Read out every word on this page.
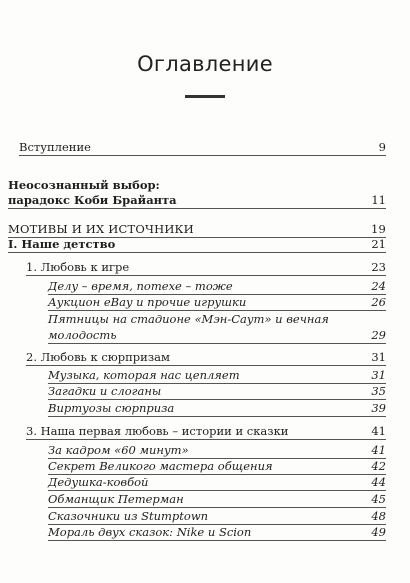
Оглавление
Вступление	9
Неосознанный выбор:
парадокс Коби Брайанта	11
МОТИВЫ И ИХ ИСТОЧНИКИ	19
I. Наше детство	21
1. Любовь к игре	23
Делу – время, потехе – тоже	24
Аукцион eBay и прочие игрушки	26
Пятницы на стадионе «Мэн-Саут» и вечная
молодость	29
2. Любовь к сюрпризам	31
Музыка, которая нас цепляет	31
Загадки и слоганы	35
Виртуозы сюрприза	39
3. Наша первая любовь – истории и сказки	41
За кадром «60 минут»	41
Секрет Великого мастера общения	42
Дедушка-ковбой	44
Обманщик Петерман	45
Сказочники из Stumptown	48
Мораль двух сказок: Nike и Scion	49
